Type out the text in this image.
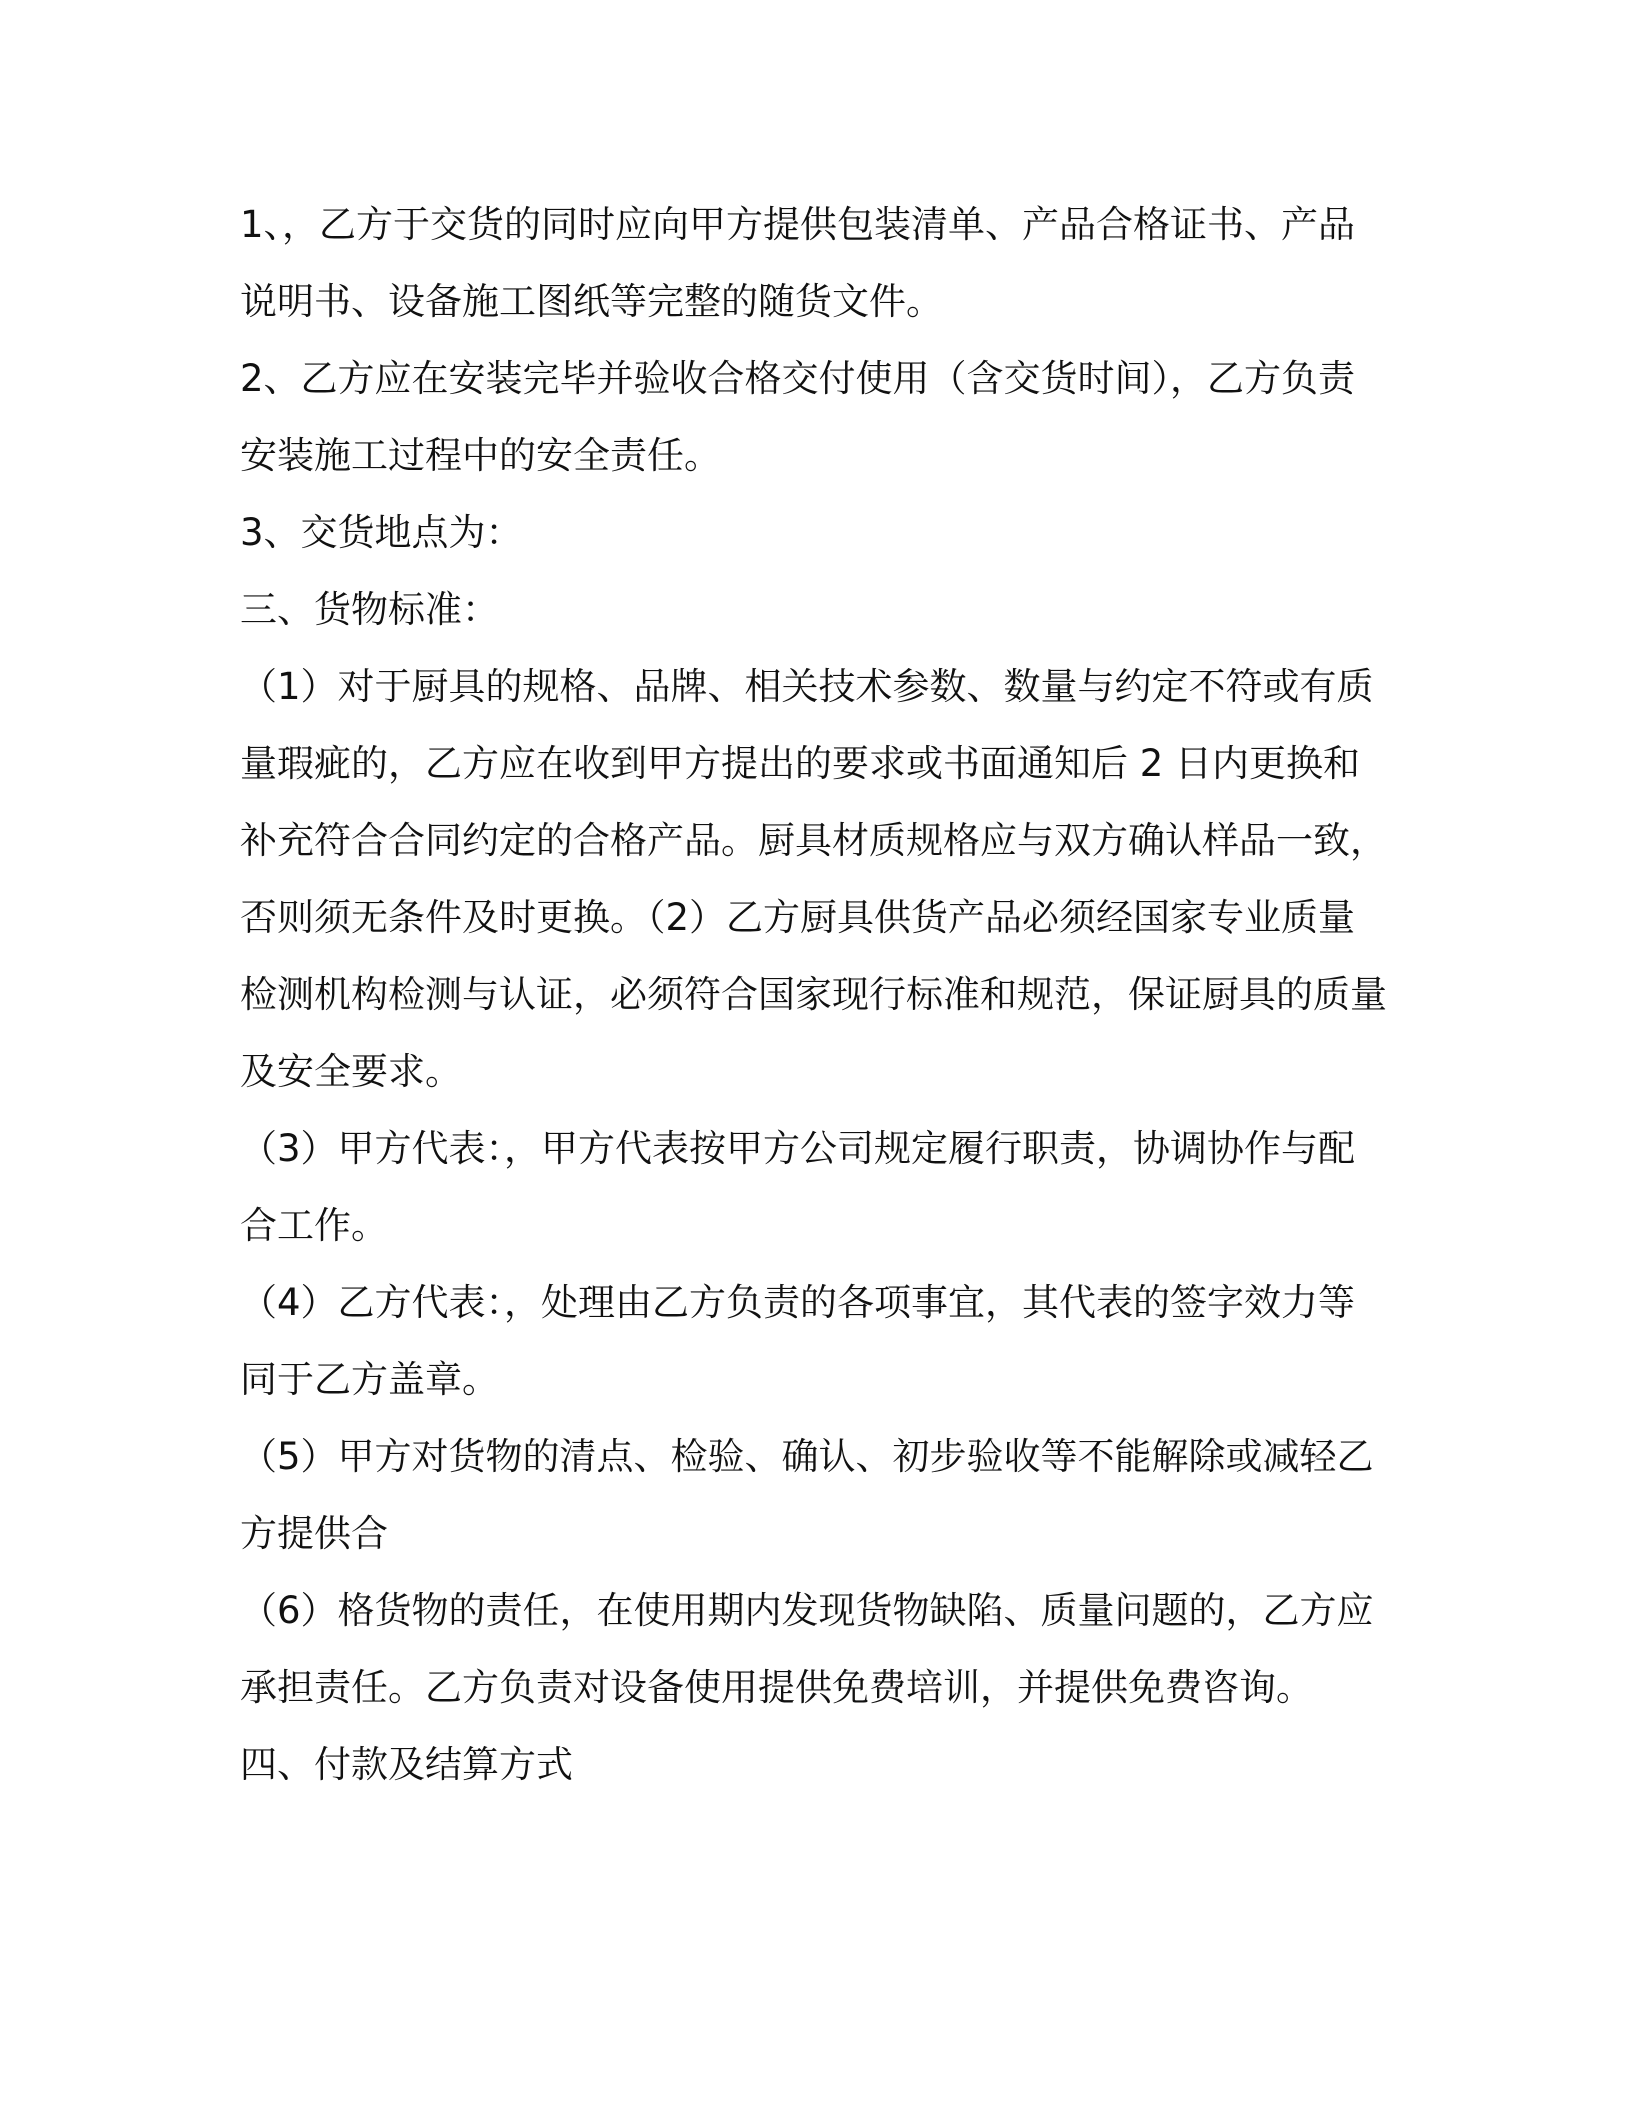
1、，乙方于交货的同时应向甲方提供包装清单、产品合格证书、产品说明书、设备施工图纸等完整的随货文件。

2、乙方应在安装完毕并验收合格交付使用（含交货时间），乙方负责安装施工过程中的安全责任。

3、交货地点为：

三、货物标准：

（1）对于厨具的规格、品牌、相关技术参数、数量与约定不符或有质量瑕疵的，乙方应在收到甲方提出的要求或书面通知后 2 日内更换和补充符合合同约定的合格产品。厨具材质规格应与双方确认样品一致，否则须无条件及时更换。（2）乙方厨具供货产品必须经国家专业质量检测机构检测与认证，必须符合国家现行标准和规范，保证厨具的质量及安全要求。

（3）甲方代表：，甲方代表按甲方公司规定履行职责，协调协作与配合工作。

（4）乙方代表：，处理由乙方负责的各项事宜，其代表的签字效力等同于乙方盖章。

（5）甲方对货物的清点、检验、确认、初步验收等不能解除或减轻乙方提供合

（6）格货物的责任，在使用期内发现货物缺陷、质量问题的，乙方应承担责任。乙方负责对设备使用提供免费培训，并提供免费咨询。

四、付款及结算方式
